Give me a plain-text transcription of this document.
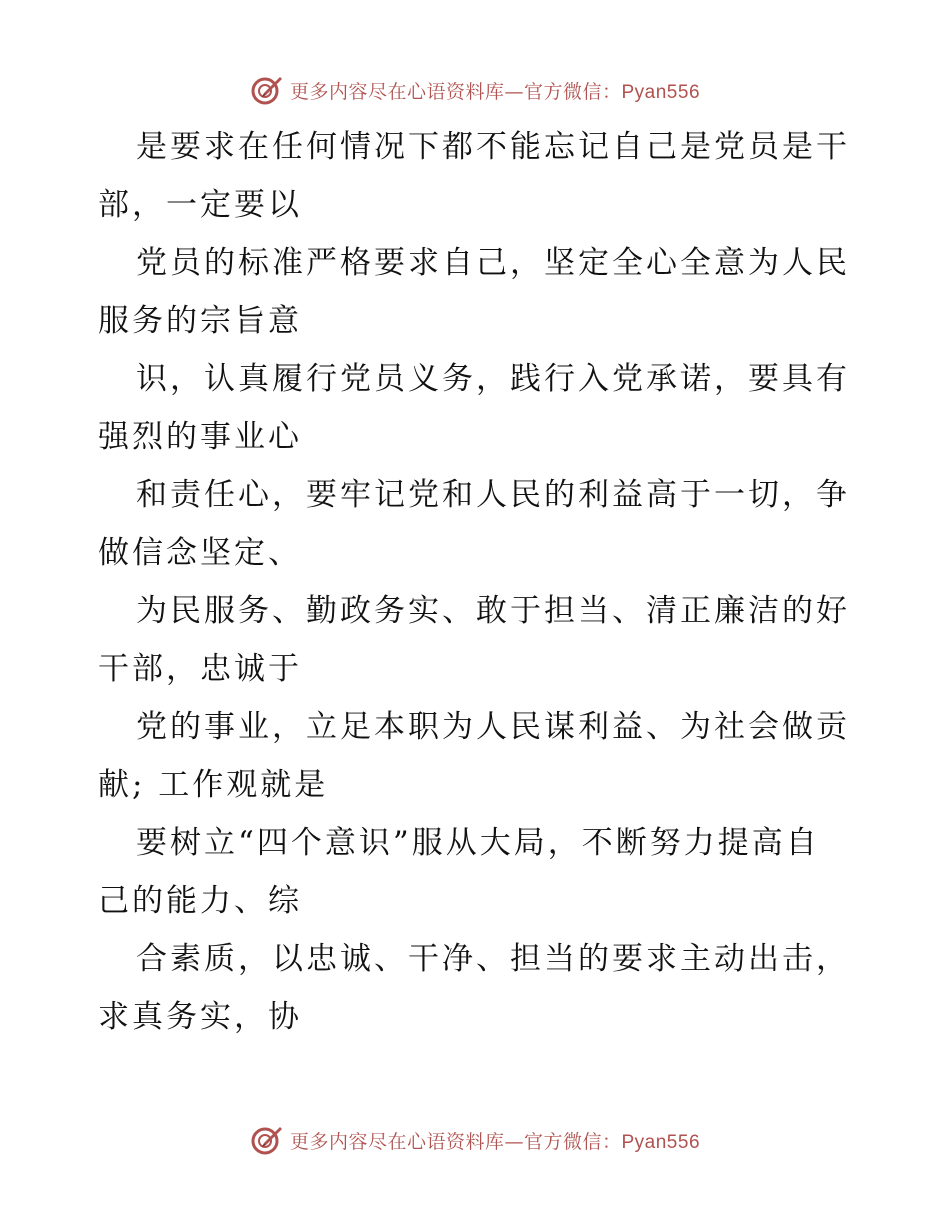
更多内容尽在心语资料库—官方微信：Pyan556
是要求在任何情况下都不能忘记自己是党员是干
部，一定要以
党员的标准严格要求自己，坚定全心全意为人民
服务的宗旨意
识，认真履行党员义务，践行入党承诺，要具有
强烈的事业心
和责任心，要牢记党和人民的利益高于一切，争
做信念坚定、
为民服务、勤政务实、敢于担当、清正廉洁的好
干部，忠诚于
党的事业，立足本职为人民谋利益、为社会做贡
献; 工作观就是
要树立“四个意识”服从大局，不断努力提高自
己的能力、综
合素质，以忠诚、干净、担当的要求主动出击，
求真务实，协
更多内容尽在心语资料库—官方微信：Pyan556
